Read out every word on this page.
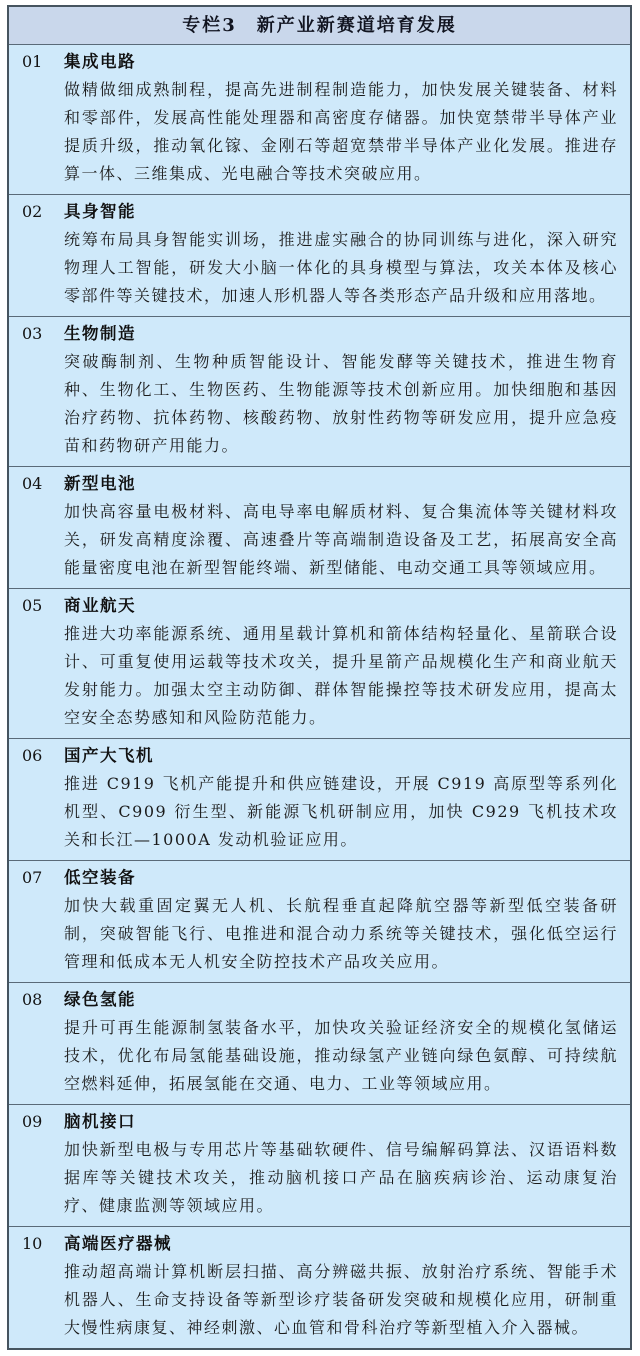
专栏3　新产业新赛道培育发展
01	集成电路
做精做细成熟制程，提高先进制程制造能力，加快发展关键装备、材料和零部件，发展高性能处理器和高密度存储器。加快宽禁带半导体产业提质升级，推动氧化镓、金刚石等超宽禁带半导体产业化发展。推进存算一体、三维集成、光电融合等技术突破应用。
02	具身智能
统筹布局具身智能实训场，推进虚实融合的协同训练与进化，深入研究物理人工智能，研发大小脑一体化的具身模型与算法，攻关本体及核心零部件等关键技术，加速人形机器人等各类形态产品升级和应用落地。
03	生物制造
突破酶制剂、生物种质智能设计、智能发酵等关键技术，推进生物育种、生物化工、生物医药、生物能源等技术创新应用。加快细胞和基因治疗药物、抗体药物、核酸药物、放射性药物等研发应用，提升应急疫苗和药物研产用能力。
04	新型电池
加快高容量电极材料、高电导率电解质材料、复合集流体等关键材料攻关，研发高精度涂覆、高速叠片等高端制造设备及工艺，拓展高安全高能量密度电池在新型智能终端、新型储能、电动交通工具等领域应用。
05	商业航天
推进大功率能源系统、通用星载计算机和箭体结构轻量化、星箭联合设计、可重复使用运载等技术攻关，提升星箭产品规模化生产和商业航天发射能力。加强太空主动防御、群体智能操控等技术研发应用，提高太空安全态势感知和风险防范能力。
06	国产大飞机
推进 C919 飞机产能提升和供应链建设，开展 C919 高原型等系列化机型、C909 衍生型、新能源飞机研制应用，加快 C929 飞机技术攻关和长江—1000A 发动机验证应用。
07	低空装备
加快大载重固定翼无人机、长航程垂直起降航空器等新型低空装备研制，突破智能飞行、电推进和混合动力系统等关键技术，强化低空运行管理和低成本无人机安全防控技术产品攻关应用。
08	绿色氢能
提升可再生能源制氢装备水平，加快攻关验证经济安全的规模化氢储运技术，优化布局氢能基础设施，推动绿氢产业链向绿色氨醇、可持续航空燃料延伸，拓展氢能在交通、电力、工业等领域应用。
09	脑机接口
加快新型电极与专用芯片等基础软硬件、信号编解码算法、汉语语料数据库等关键技术攻关，推动脑机接口产品在脑疾病诊治、运动康复治疗、健康监测等领域应用。
10	高端医疗器械
推动超高端计算机断层扫描、高分辨磁共振、放射治疗系统、智能手术机器人、生命支持设备等新型诊疗装备研发突破和规模化应用，研制重大慢性病康复、神经刺激、心血管和骨科治疗等新型植入介入器械。
